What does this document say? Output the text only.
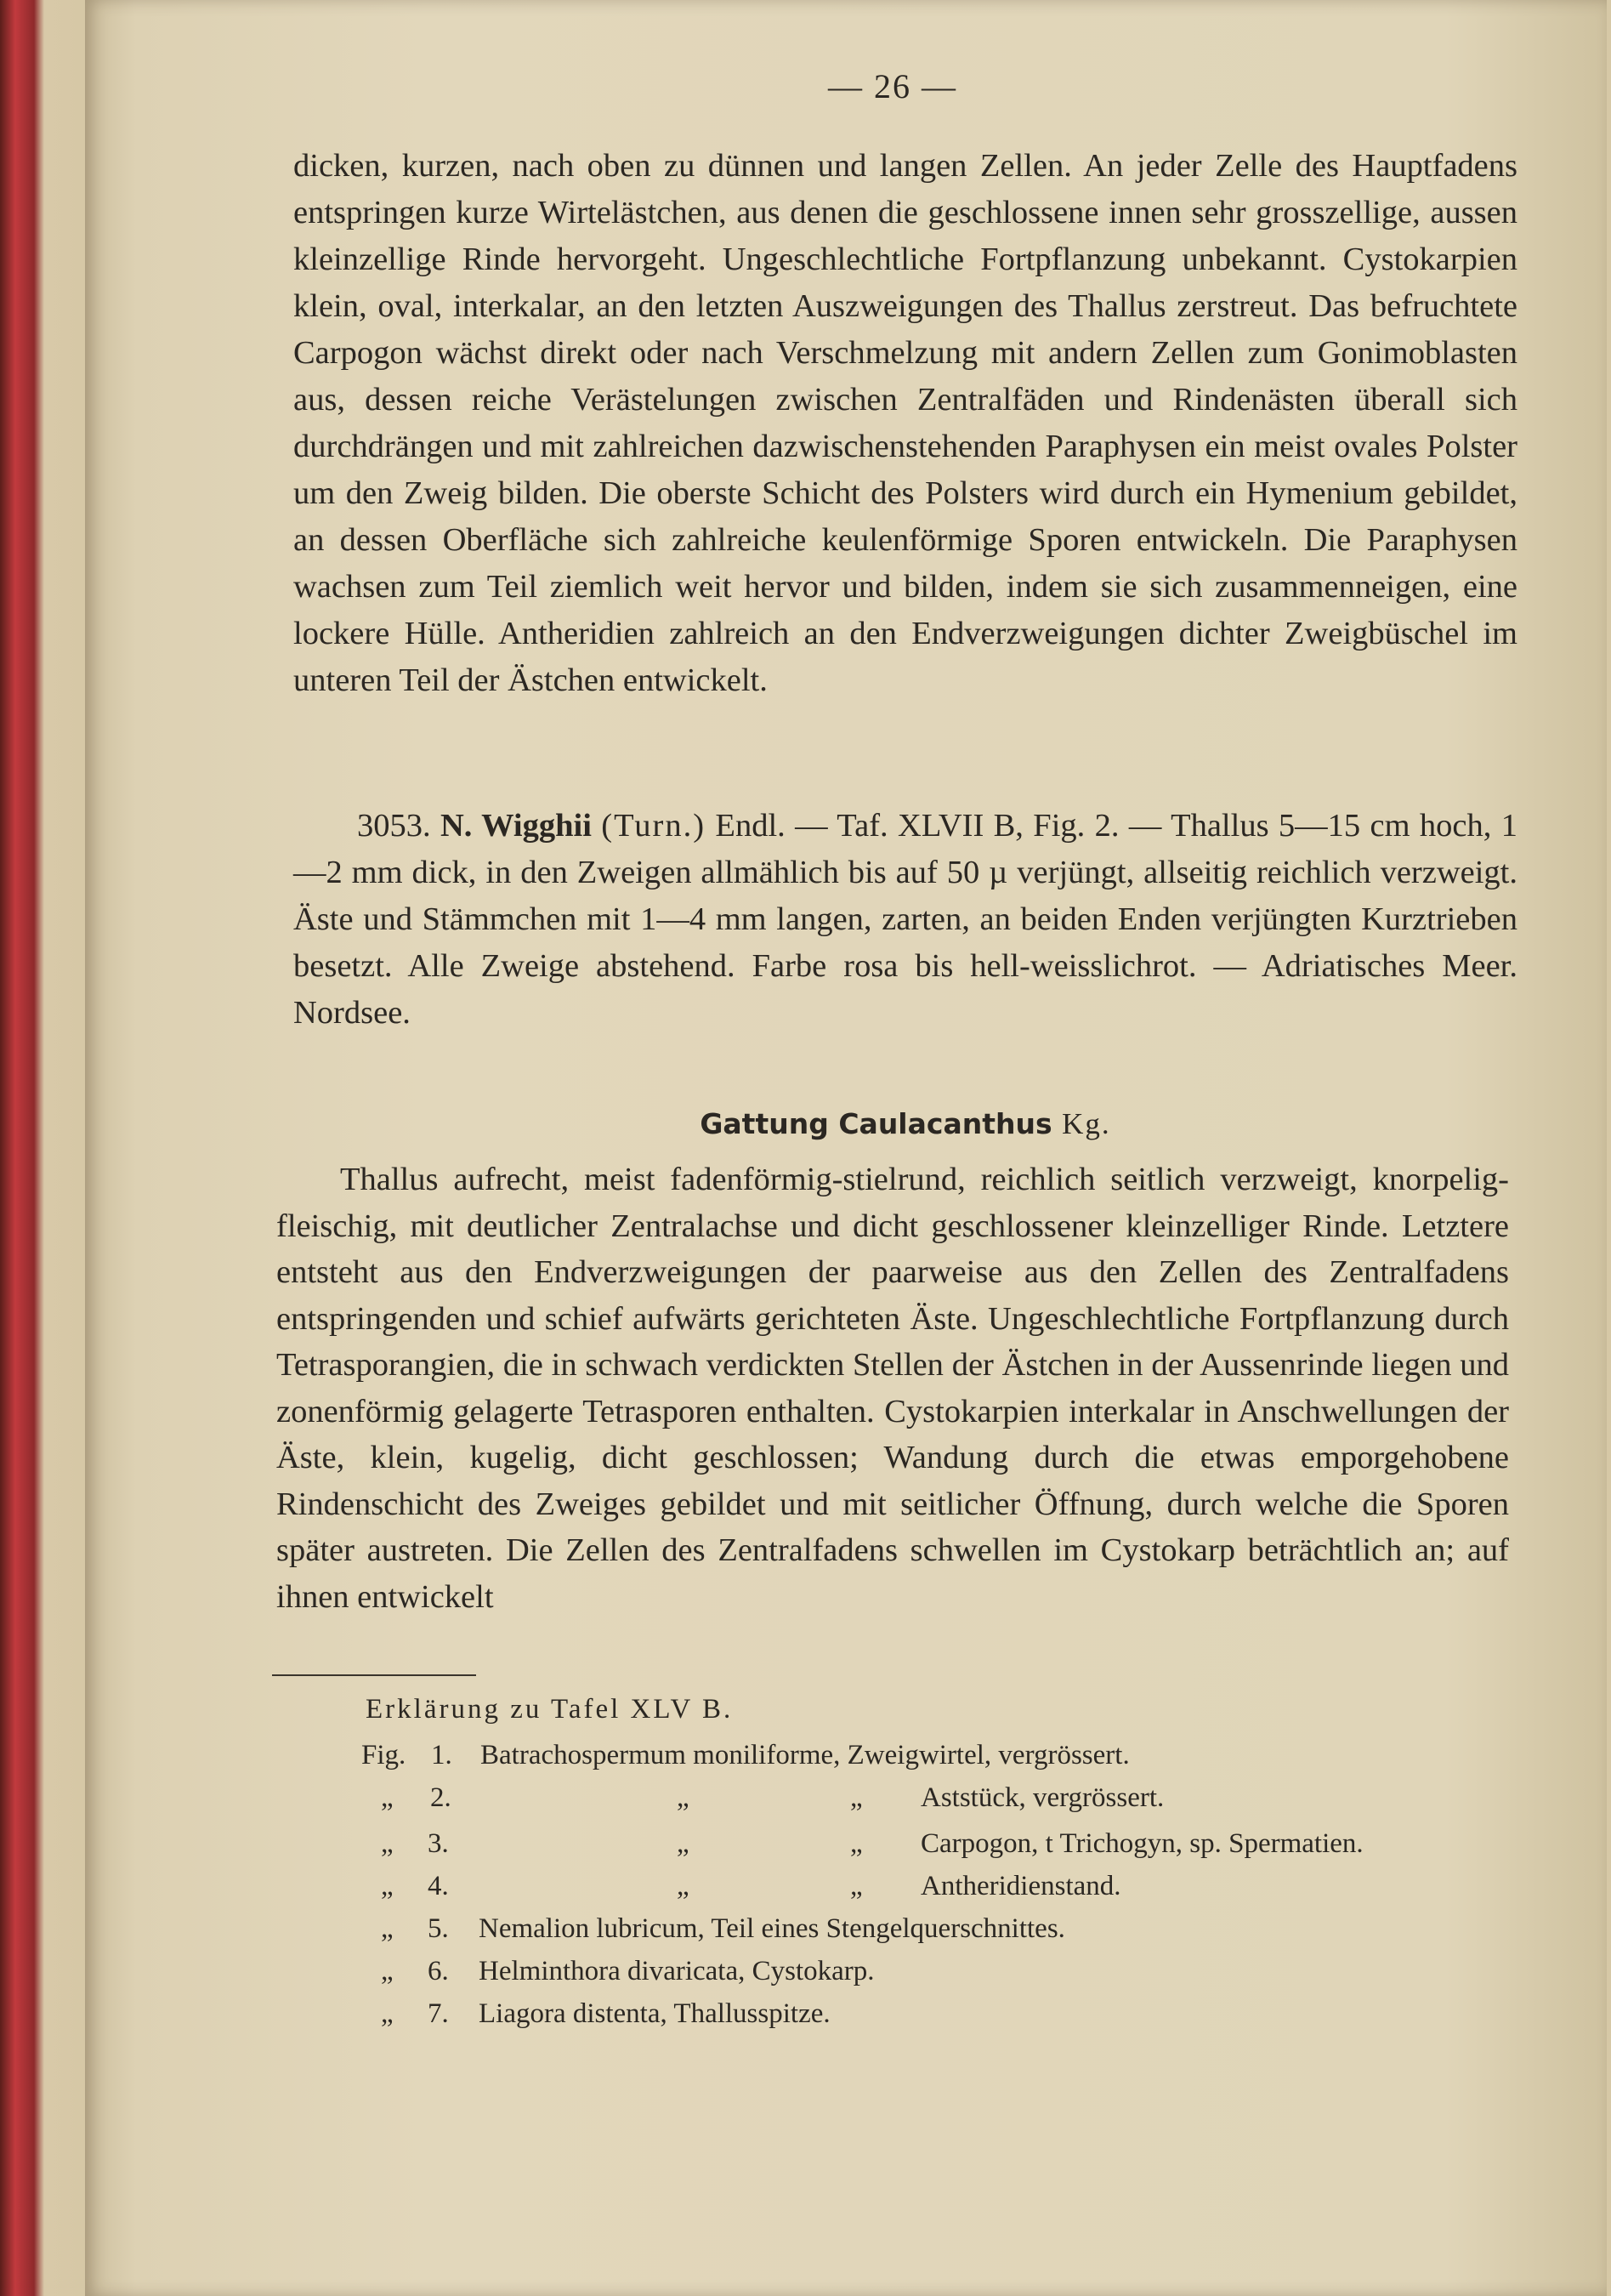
— 26 —

dicken, kurzen, nach oben zu dünnen und langen Zellen. An jeder Zelle des Hauptfadens entspringen kurze Wirtelästchen, aus denen die geschlossene innen sehr grosszellige, aussen kleinzellige Rinde hervorgeht. Ungeschlechtliche Fortpflanzung unbekannt. Cystokarpien klein, oval, interkalar, an den letzten Auszweigungen des Thallus zerstreut. Das befruchtete Carpogon wächst direkt oder nach Verschmelzung mit andern Zellen zum Gonimoblasten aus, dessen reiche Verästelungen zwischen Zentralfäden und Rindenästen überall sich durchdrängen und mit zahlreichen dazwischenstehenden Paraphysen ein meist ovales Polster um den Zweig bilden. Die oberste Schicht des Polsters wird durch ein Hymenium gebildet, an dessen Oberfläche sich zahlreiche keulenförmige Sporen entwickeln. Die Paraphysen wachsen zum Teil ziemlich weit hervor und bilden, indem sie sich zusammenneigen, eine lockere Hülle. Antheridien zahlreich an den Endverzweigungen dichter Zweigbüschel im unteren Teil der Ästchen entwickelt.

3053. N. Wigghii (Turn.) Endl. — Taf. XLVII B, Fig. 2. — Thallus 5—15 cm hoch, 1—2 mm dick, in den Zweigen allmählich bis auf 50 µ verjüngt, allseitig reichlich verzweigt. Äste und Stämmchen mit 1—4 mm langen, zarten, an beiden Enden verjüngten Kurztrieben besetzt. Alle Zweige abstehend. Farbe rosa bis hell-weisslichrot. — Adriatisches Meer. Nordsee.

Gattung Caulacanthus Kg.

Thallus aufrecht, meist fadenförmig-stielrund, reichlich seitlich verzweigt, knorpelig-fleischig, mit deutlicher Zentralachse und dicht geschlossener kleinzelliger Rinde. Letztere entsteht aus den Endverzweigungen der paarweise aus den Zellen des Zentralfadens entspringenden und schief aufwärts gerichteten Äste. Ungeschlechtliche Fortpflanzung durch Tetrasporangien, die in schwach verdickten Stellen der Ästchen in der Aussenrinde liegen und zonenförmig gelagerte Tetrasporen enthalten. Cystokarpien interkalar in Anschwellungen der Äste, klein, kugelig, dicht geschlossen; Wandung durch die etwas emporgehobene Rindenschicht des Zweiges gebildet und mit seitlicher Öffnung, durch welche die Sporen später austreten. Die Zellen des Zentralfadens schwellen im Cystokarp beträchtlich an; auf ihnen entwickelt

Erklärung zu Tafel XLV B.
Fig. 1. Batrachospermum moniliforme, Zweigwirtel, vergrössert.
„ 2.	„	„ Aststück, vergrössert.
„ 3.	„	„ Carpogon, t Trichogyn, sp. Spermatien.
„ 4.	„	„ Antheridienstand.
„ 5. Nemalion lubricum, Teil eines Stengelquerschnittes.
„ 6. Helminthora divaricata, Cystokarp.
„ 7. Liagora distenta, Thallusspitze.
